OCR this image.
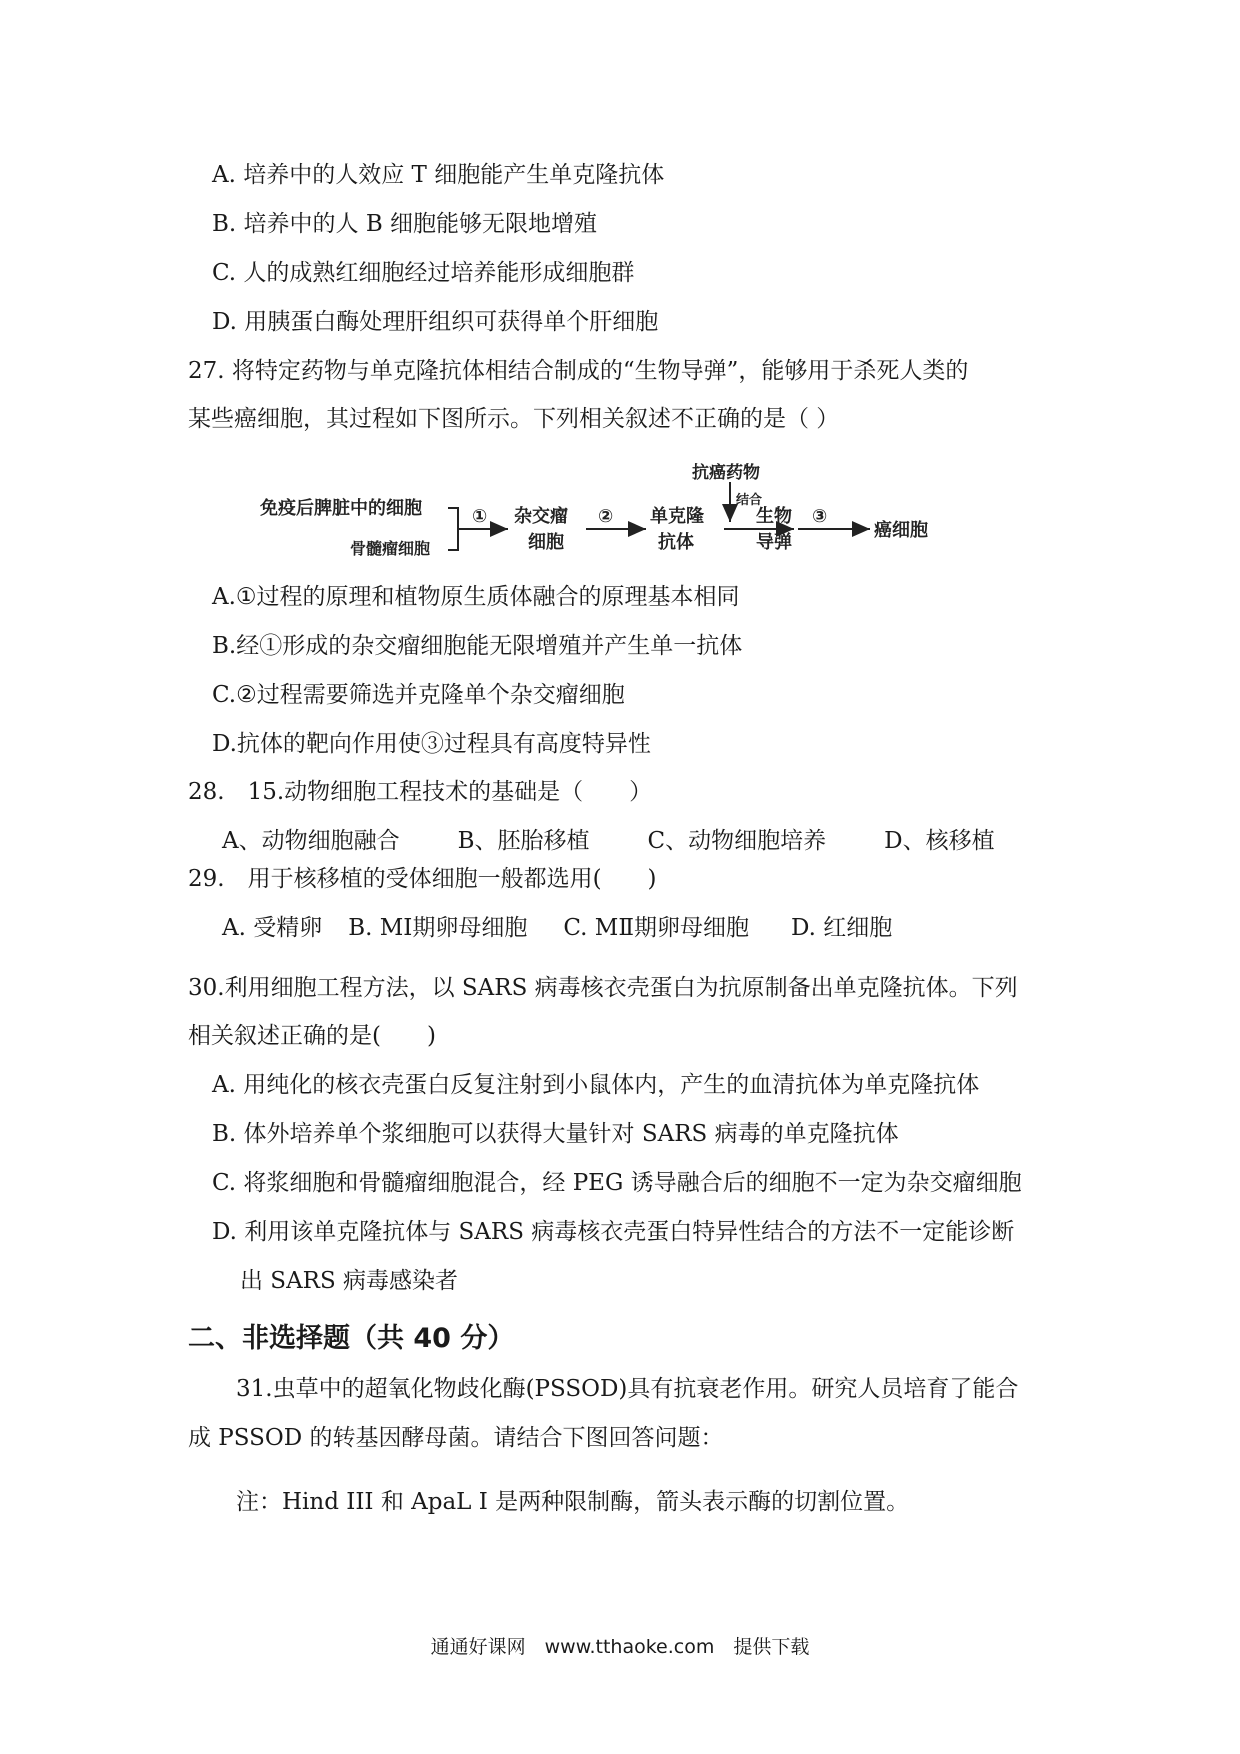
A. 培养中的人效应 T 细胞能产生单克隆抗体
B. 培养中的人 B 细胞能够无限地增殖
C. 人的成熟红细胞经过培养能形成细胞群
D. 用胰蛋白酶处理肝组织可获得单个肝细胞
27. 将特定药物与单克隆抗体相结合制成的“生物导弹”，能够用于杀死人类的
某些癌细胞，其过程如下图所示。下列相关叙述不正确的是（ ）
免疫后脾脏中的细胞
骨髓瘤细胞
① 杂交瘤
细胞
② 单克隆
抗体
抗癌药物
结合
生物
导弹
③
癌细胞
A.①过程的原理和植物原生质体融合的原理基本相同
B.经①形成的杂交瘤细胞能无限增殖并产生单一抗体
C.②过程需要筛选并克隆单个杂交瘤细胞
D.抗体的靶向作用使③过程具有高度特异性
28.　15.动物细胞工程技术的基础是（　　）
A、动物细胞融合	B、胚胎移植	C、动物细胞培养	D、核移植
29.　用于核移植的受体细胞一般都选用(　　)
A. 受精卵 B. MⅠ期卵母细胞 C. MⅡ期卵母细胞 D. 红细胞
30.利用细胞工程方法，以 SARS 病毒核衣壳蛋白为抗原制备出单克隆抗体。下列
相关叙述正确的是(　　)
A. 用纯化的核衣壳蛋白反复注射到小鼠体内，产生的血清抗体为单克隆抗体
B. 体外培养单个浆细胞可以获得大量针对 SARS 病毒的单克隆抗体
C. 将浆细胞和骨髓瘤细胞混合，经 PEG 诱导融合后的细胞不一定为杂交瘤细胞
D. 利用该单克隆抗体与 SARS 病毒核衣壳蛋白特异性结合的方法不一定能诊断
出 SARS 病毒感染者
二、非选择题（共 40 分）
31.虫草中的超氧化物歧化酶(PSSOD)具有抗衰老作用。研究人员培育了能合
成 PSSOD 的转基因酵母菌。请结合下图回答问题：
注：Hind III 和 ApaL I 是两种限制酶，箭头表示酶的切割位置。
通通好课网　www.tthaoke.com　提供下载
